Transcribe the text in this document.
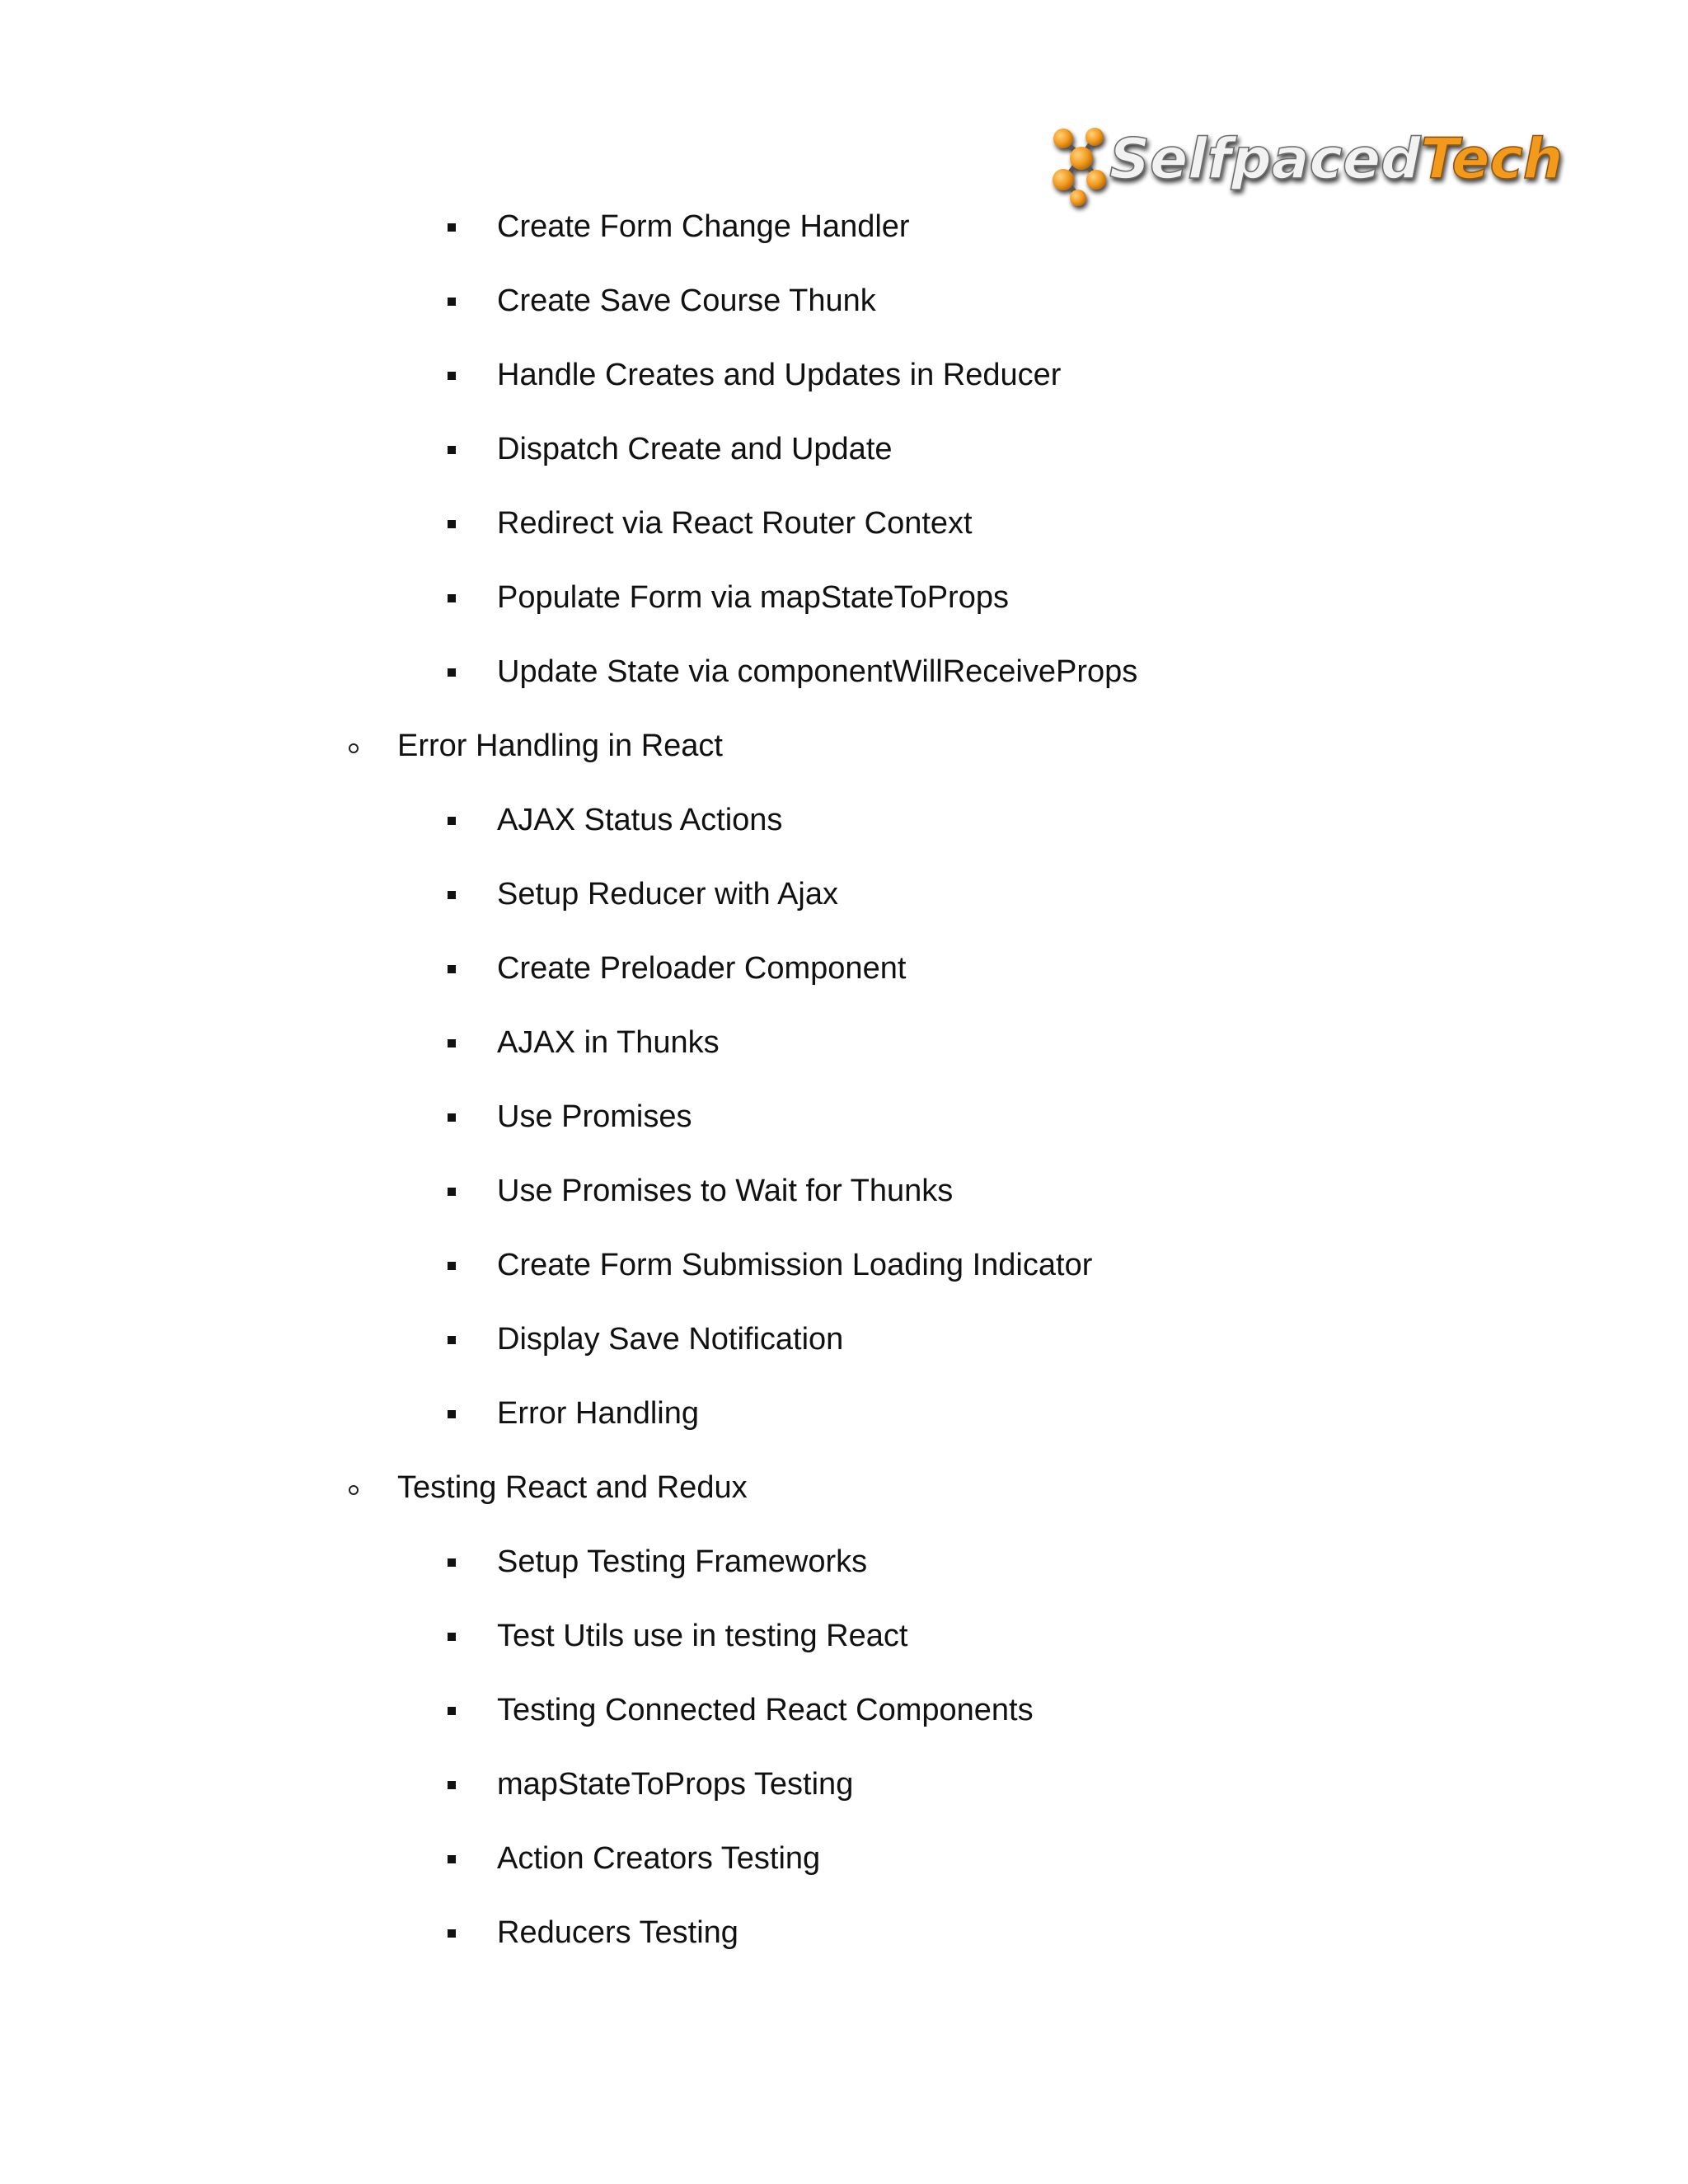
SelfpacedTech
Create Form Change Handler
Create Save Course Thunk
Handle Creates and Updates in Reducer
Dispatch Create and Update
Redirect via React Router Context
Populate Form via mapStateToProps
Update State via componentWillReceiveProps
Error Handling in React
AJAX Status Actions
Setup Reducer with Ajax
Create Preloader Component
AJAX in Thunks
Use Promises
Use Promises to Wait for Thunks
Create Form Submission Loading Indicator
Display Save Notification
Error Handling
Testing React and Redux
Setup Testing Frameworks
Test Utils use in testing React
Testing Connected React Components
mapStateToProps Testing
Action Creators Testing
Reducers Testing
